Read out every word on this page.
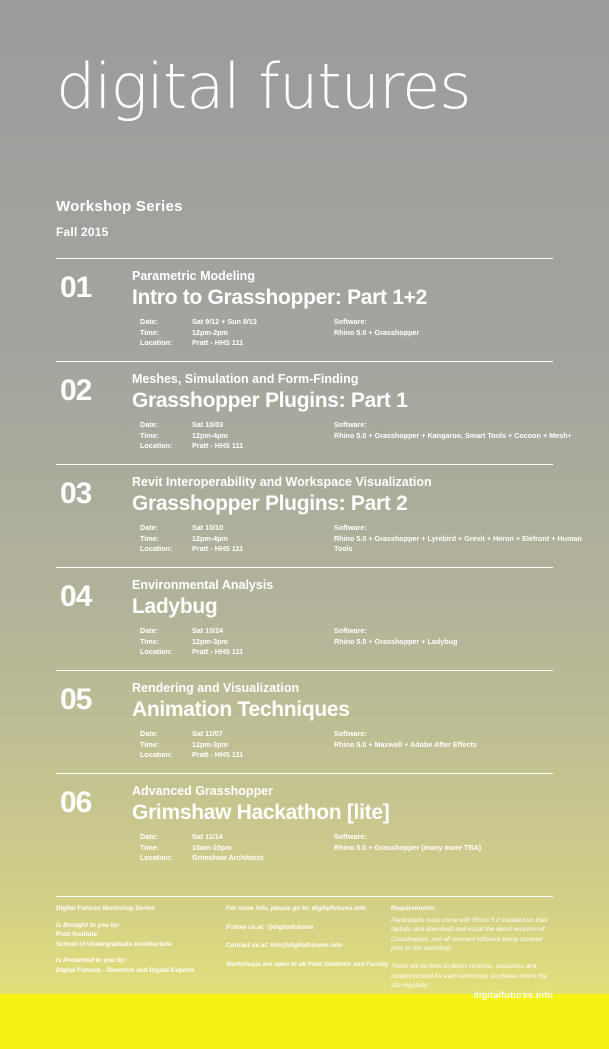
digital futures
Workshop Series
Fall 2015
01	Parametric Modeling
Intro to Grasshopper: Part 1+2
Date:	Sat 9/12 + Sun 9/13
Time:	12pm-2pm
Location:	Pratt - HHS 111
Software:
Rhino 5.0 + Grasshopper
02	Meshes, Simulation and Form-Finding
Grasshopper Plugins: Part 1
Date:	Sat 10/03
Time:	12pm-4pm
Location:	Pratt - HHS 111
Software:
Rhino 5.0 + Grasshopper + Kangaroo, Smart Tools + Cocoon + Mesh+
03	Revit Interoperability and Workspace Visualization
Grasshopper Plugins: Part 2
Date:	Sat 10/10
Time:	12pm-4pm
Location:	Pratt - HHS 111
Software:
Rhino 5.0 + Grasshopper + Lyrebird + Grevit + Heron + Elefront + Human Tools
04	Environmental Analysis
Ladybug
Date:	Sat 10/24
Time:	12pm-3pm
Location:	Pratt - HHS 111
Software:
Rhino 5.0 + Grasshopper + Ladybug
05	Rendering and Visualization
Animation Techniques
Date:	Sat 11/07
Time:	12pm-3pm
Location:	Pratt - HHS 111
Software:
Rhino 5.0 + Maxwell + Adobe After Effects
06	Advanced Grasshopper
Grimshaw Hackathon [lite]
Date:	Sat 11/14
Time:	10am-10pm
Location:	Grimshaw Architects
Software:
Rhino 5.0 + Grasshopper (many more TBA)
Digital Futures Workshop Series
is Brought to you by:
Pratt Institute
School of Undergraduate Architecture
is Presented to you by:
Digital Futures - Directors and Digital Experts
For more info, please go to: digitalfutures.info
Follow us at: @digitalfutures
Contact us at: info@digitalfutures.info
Workshops are open to all Pratt Students and Faculty
Requirements:

Participants must come with Rhino 5.0 installed on their laptops and download and install the latest versions of Grasshopper, and all relevant software being covered prior to the workshop.

There will be links to demo versions, resources and content posted for each workshop, so please check the site regularly.

digitalfutures.info
